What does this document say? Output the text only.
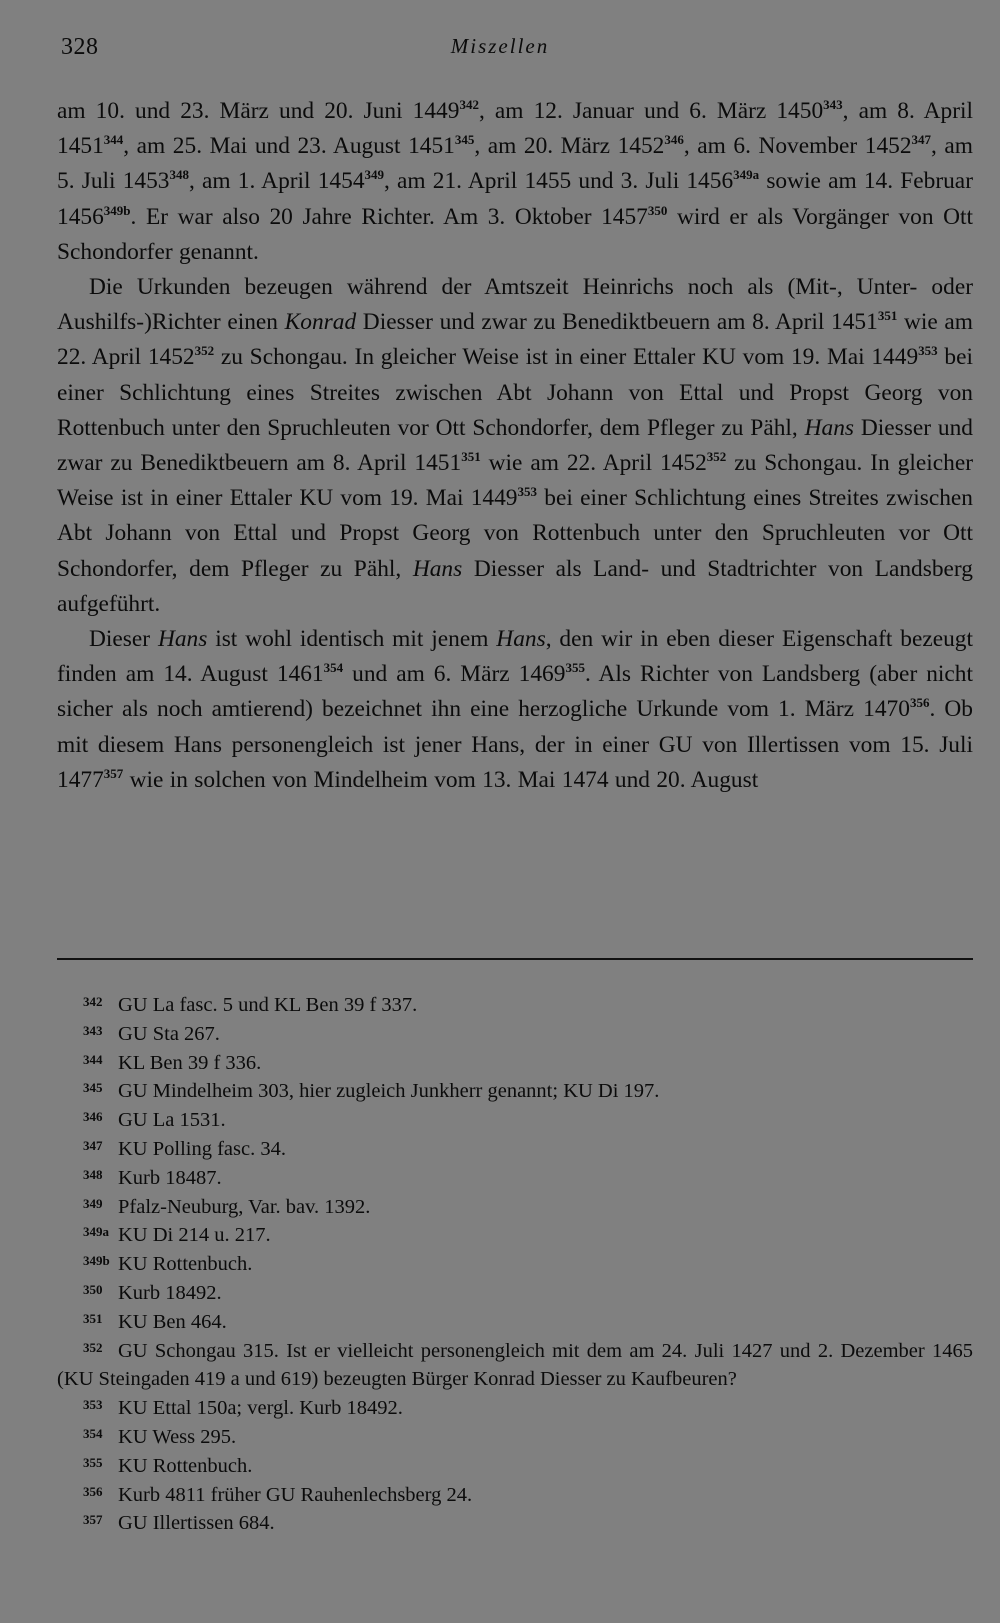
328	Miszellen

am 10. und 23. März und 20. Juni 1449$^{342}$, am 12. Januar und 6. März 1450$^{343}$, am 8. April 1451$^{344}$, am 25. Mai und 23. August 1451$^{345}$, am 20. März 1452$^{346}$, am 6. November 1452$^{347}$, am 5. Juli 1453$^{348}$, am 1. April 1454$^{349}$, am 21. April 1455 und 3. Juli $1456^{349a}$ sowie am 14. Februar $1456^{349b}$. Er war also 20 Jahre Richter. Am 3. Oktober 1457$^{350}$ wird er als Vorgänger von Ott Schondorfer genannt.

Die Urkunden bezeugen während der Amtszeit Heinrichs noch als (Mit-, Unter- oder Aushilfs-)Richter einen Konrad Diesser und zwar zu Benediktbeuern am 8. April 1451$^{351}$ wie am 22. April 1452$^{352}$ zu Schongau. In gleicher Weise ist in einer Ettaler KU vom 19. Mai 1449$^{353}$ bei einer Schlichtung eines Streites zwischen Abt Johann von Ettal und Propst Georg von Rottenbuch unter den Spruchleuten vor Ott Schondorfer, dem Pfleger zu Pähl, Hans Diesser und zwar zu Benediktbeuern am 8. April 1451$^{351}$ wie am 22. April 1452$^{352}$ zu Schongau. In gleicher Weise ist in einer Ettaler KU vom 19. Mai 1449$^{353}$ bei einer Schlichtung eines Streites zwischen Abt Johann von Ettal und Propst Georg von Rottenbuch unter den Spruchleuten vor Ott Schondorfer, dem Pfleger zu Pähl, Hans Diesser als Land- und Stadtrichter von Landsberg aufgeführt.

Dieser Hans ist wohl identisch mit jenem Hans, den wir in eben dieser Eigenschaft bezeugt finden am 14. August 1461$^{354}$ und am 6. März 1469$^{355}$. Als Richter von Landsberg (aber nicht sicher als noch amtierend) bezeichnet ihn eine herzogliche Urkunde vom 1. März 1470$^{356}$. Ob mit diesem Hans personengleich ist jener Hans, der in einer GU von Illertissen vom 15. Juli 1477$^{357}$ wie in solchen von Mindelheim vom 13. Mai 1474 und 20. August

342 GU La fasc. 5 und KL Ben 39 f 337.
343 GU Sta 267.
344 KL Ben 39 f 336.
345 GU Mindelheim 303, hier zugleich Junkherr genannt; KU Di 197.
346 GU La 1531.
347 KU Polling fasc. 34.
348 Kurb 18487.
349 Pfalz-Neuburg, Var. bav. 1392.
349a KU Di 214 u. 217.
349b KU Rottenbuch.
350 Kurb 18492.
351 KU Ben 464.
352 GU Schongau 315. Ist er vielleicht personengleich mit dem am 24. Juli 1427 und 2. Dezember 1465 (KU Steingaden 419 a und 619) bezeugten Bürger Konrad Diesser zu Kaufbeuren?
353 KU Ettal 150a; vergl. Kurb 18492.
354 KU Wess 295.
355 KU Rottenbuch.
356 Kurb 4811 früher GU Rauhenlechsberg 24.
357 GU Illertissen 684.
